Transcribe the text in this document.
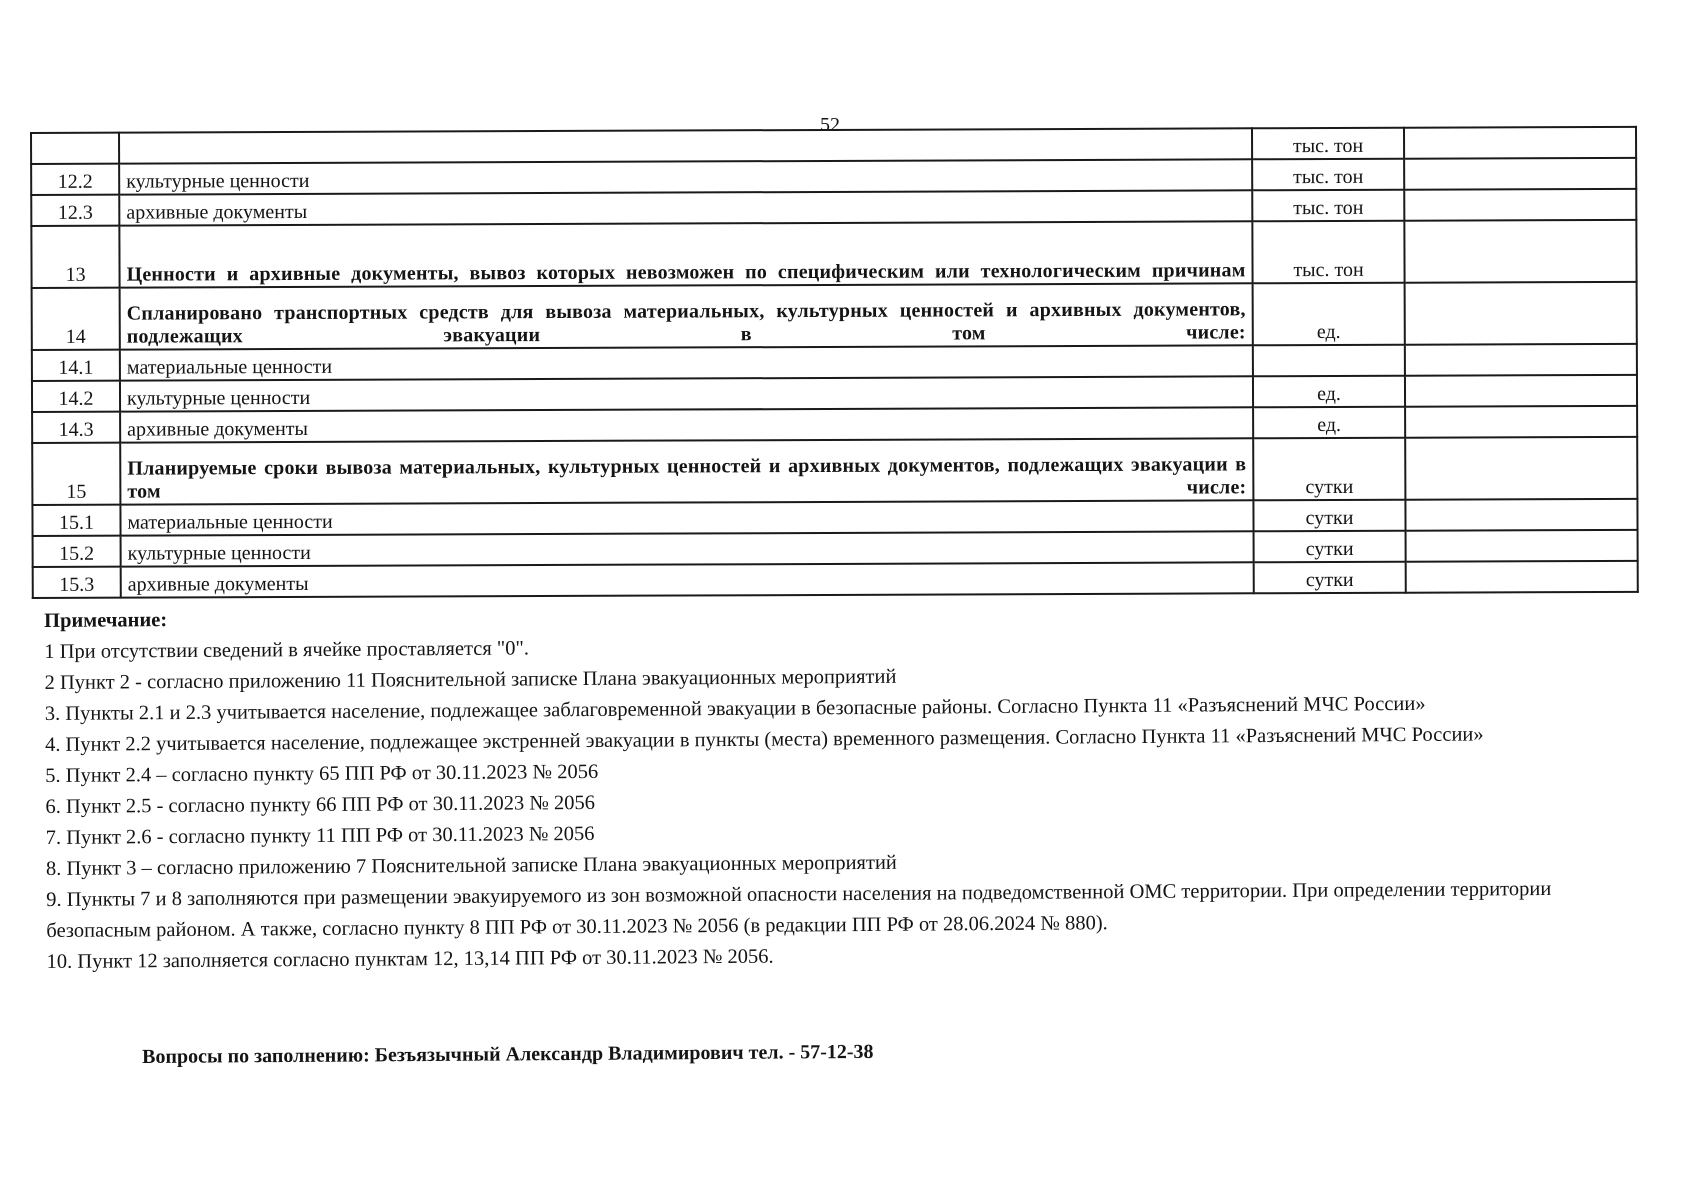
52
		тыс. тон	
12.2	культурные ценности	тыс. тон	
12.3	архивные документы	тыс. тон	
13	Ценности и архивные документы, вывоз которых невозможен по специфическим или технологическим причинам	тыс. тон	
14	Спланировано транспортных средств для вывоза материальных, культурных ценностей и архивных документов, подлежащих эвакуации в том числе:	ед.	
14.1	материальные ценности		
14.2	культурные ценности	ед.	
14.3	архивные документы	ед.	
15	Планируемые сроки вывоза материальных, культурных ценностей и архивных документов, подлежащих эвакуации в том числе:	сутки	
15.1	материальные ценности	сутки	
15.2	культурные ценности	сутки	
15.3	архивные документы	сутки	

Примечание:

1 При отсутствии сведений в ячейке проставляется "0".

2 Пункт 2 - согласно приложению 11 Пояснительной записке Плана эвакуационных мероприятий

3. Пункты 2.1 и 2.3 учитывается население, подлежащее заблаговременной эвакуации в безопасные районы. Согласно Пункта 11 «Разъяснений МЧС России»

4. Пункт 2.2 учитывается население, подлежащее экстренней эвакуации в пункты (места) временного размещения. Согласно Пункта 11 «Разъяснений МЧС России»

5. Пункт 2.4 – согласно пункту 65 ПП РФ от 30.11.2023 № 2056

6. Пункт 2.5 - согласно пункту 66 ПП РФ от 30.11.2023 № 2056

7. Пункт 2.6 - согласно пункту 11 ПП РФ от 30.11.2023 № 2056

8. Пункт 3 – согласно приложению 7 Пояснительной записке Плана эвакуационных мероприятий

9. Пункты 7 и 8 заполняются при размещении эвакуируемого из зон возможной опасности населения на подведомственной ОМС территории. При определении территории безопасным районом. А также, согласно пункту 8 ПП РФ от 30.11.2023 № 2056 (в редакции ПП РФ от 28.06.2024 № 880).

10. Пункт 12 заполняется согласно пунктам 12, 13,14 ПП РФ от 30.11.2023 № 2056.

Вопросы по заполнению: Безъязычный Александр Владимирович тел. - 57-12-38
